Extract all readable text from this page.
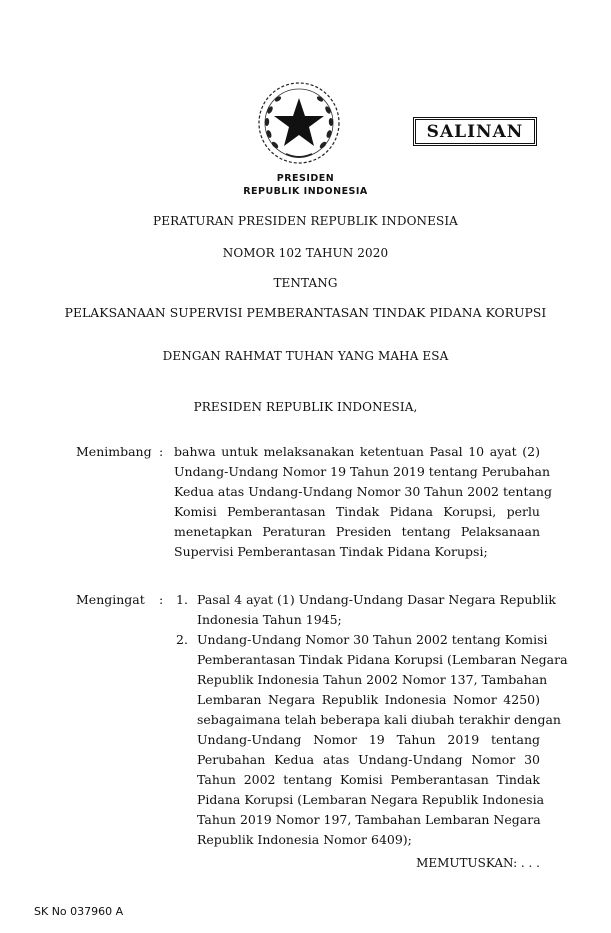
SALINAN
PRESIDEN
REPUBLIK INDONESIA
PERATURAN PRESIDEN REPUBLIK INDONESIA
NOMOR 102 TAHUN 2020
TENTANG
PELAKSANAAN SUPERVISI PEMBERANTASAN TINDAK PIDANA KORUPSI
DENGAN RAHMAT TUHAN YANG MAHA ESA
PRESIDEN REPUBLIK INDONESIA,
Menimbang : bahwa untuk melaksanakan ketentuan Pasal 10 ayat (2)
Undang-Undang Nomor 19 Tahun 2019 tentang Perubahan
Kedua atas Undang-Undang Nomor 30 Tahun 2002 tentang
Komisi Pemberantasan Tindak Pidana Korupsi, perlu
menetapkan Peraturan Presiden tentang Pelaksanaan
Supervisi Pemberantasan Tindak Pidana Korupsi;
Mengingat : 1. Pasal 4 ayat (1) Undang-Undang Dasar Negara Republik
Indonesia Tahun 1945;
2. Undang-Undang Nomor 30 Tahun 2002 tentang Komisi
Pemberantasan Tindak Pidana Korupsi (Lembaran Negara
Republik Indonesia Tahun 2002 Nomor 137, Tambahan
Lembaran Negara Republik Indonesia Nomor 4250)
sebagaimana telah beberapa kali diubah terakhir dengan
Undang-Undang Nomor 19 Tahun 2019 tentang
Perubahan Kedua atas Undang-Undang Nomor 30
Tahun 2002 tentang Komisi Pemberantasan Tindak
Pidana Korupsi (Lembaran Negara Republik Indonesia
Tahun 2019 Nomor 197, Tambahan Lembaran Negara
Republik Indonesia Nomor 6409);
MEMUTUSKAN: . . .
SK No 037960 A
